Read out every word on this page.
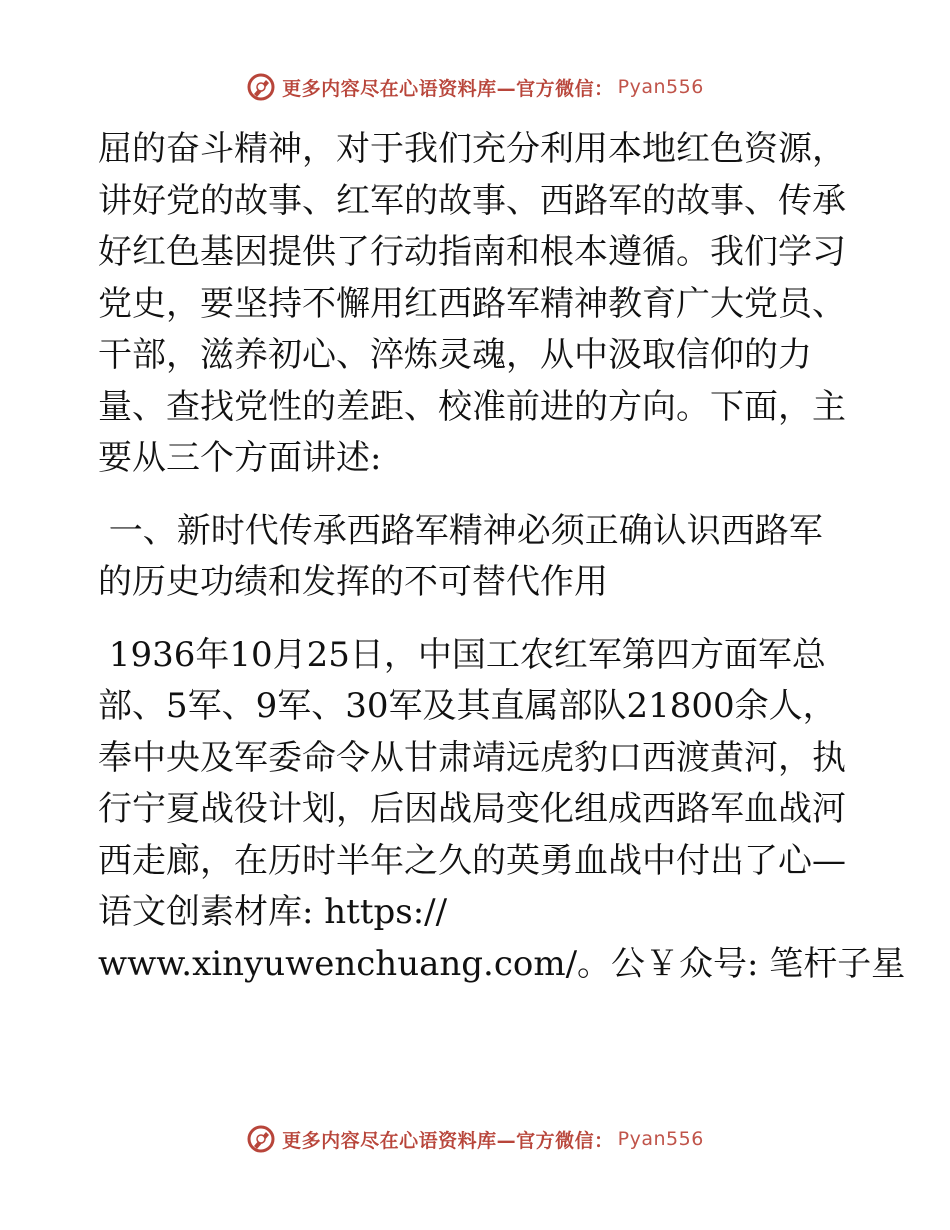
更多内容尽在心语资料库—官方微信： Pyan556

屈的奋斗精神，对于我们充分利用本地红色资源，
讲好党的故事、红军的故事、西路军的故事、传承
好红色基因提供了行动指南和根本遵循。我们学习
党史，要坚持不懈用红西路军精神教育广大党员、
干部，滋养初心、淬炼灵魂，从中汲取信仰的力
量、查找党性的差距、校准前进的方向。下面，主
要从三个方面讲述:

一、新时代传承西路军精神必须正确认识西路军
的历史功绩和发挥的不可替代作用

1936年10月25日，中国工农红军第四方面军总
部、5军、9军、30军及其直属部队21800余人，
奉中央及军委命令从甘肃靖远虎豹口西渡黄河，执
行宁夏战役计划，后因战局变化组成西路军血战河
西走廊，在历时半年之久的英勇血战中付出了心—
语文创素材库: https://
www.xinyuwenchuang.com/。公￥众号: 笔杆子星

更多内容尽在心语资料库—官方微信： Pyan556
